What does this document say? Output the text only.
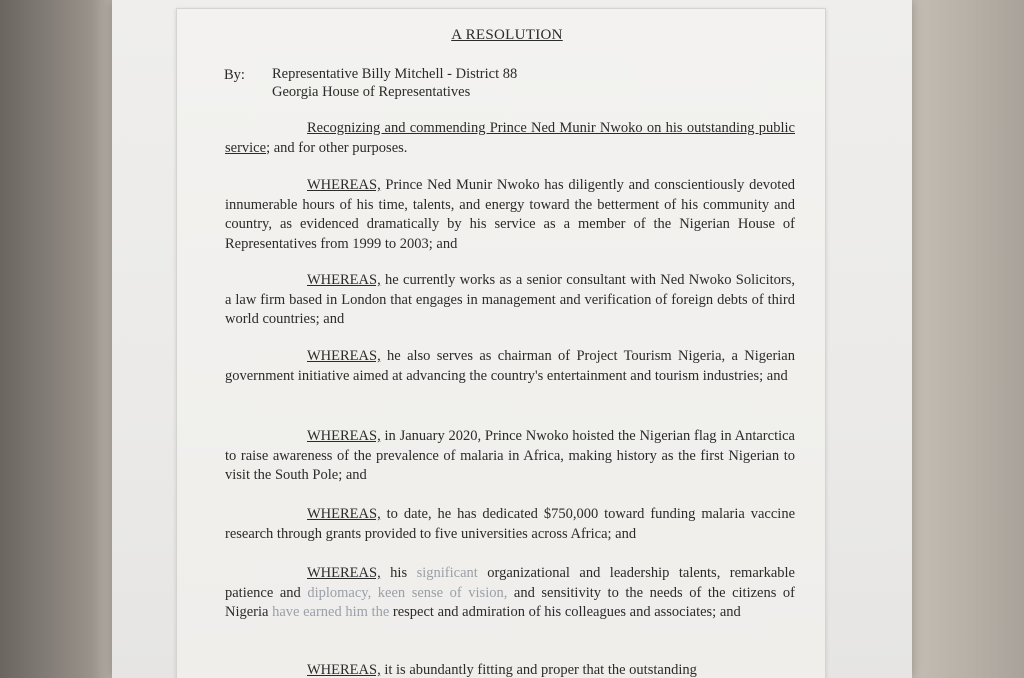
A RESOLUTION
By: Representative Billy Mitchell - District 88
Georgia House of Representatives
Recognizing and commending Prince Ned Munir Nwoko on his outstanding public service; and for other purposes.
WHEREAS, Prince Ned Munir Nwoko has diligently and conscientiously devoted innumerable hours of his time, talents, and energy toward the betterment of his community and country, as evidenced dramatically by his service as a member of the Nigerian House of Representatives from 1999 to 2003; and
WHEREAS, he currently works as a senior consultant with Ned Nwoko Solicitors, a law firm based in London that engages in management and verification of foreign debts of third world countries; and
WHEREAS, he also serves as chairman of Project Tourism Nigeria, a Nigerian government initiative aimed at advancing the country's entertainment and tourism industries; and
WHEREAS, in January 2020, Prince Nwoko hoisted the Nigerian flag in Antarctica to raise awareness of the prevalence of malaria in Africa, making history as the first Nigerian to visit the South Pole; and
WHEREAS, to date, he has dedicated $750,000 toward funding malaria vaccine research through grants provided to five universities across Africa; and
WHEREAS, his significant organizational and leadership talents, remarkable patience and diplomacy, keen sense of vision, and sensitivity to the needs of the citizens of Nigeria have earned him the respect and admiration of his colleagues and associates; and
WHEREAS, it is abundantly fitting and proper that the outstanding
